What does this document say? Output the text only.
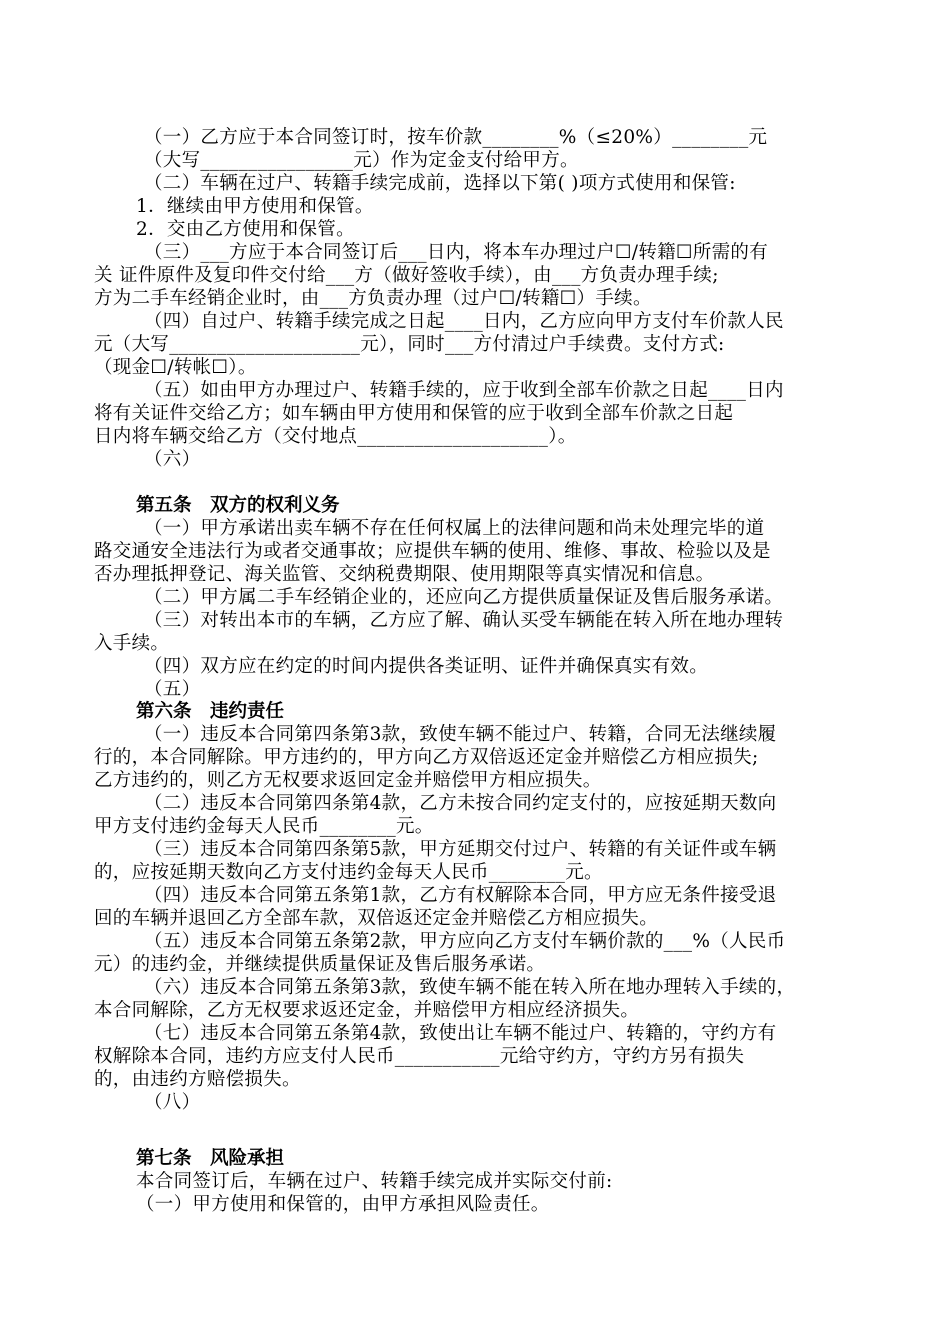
（一）乙方应于本合同签订时，按车价款________%（≤20%）________元
（大写________________元）作为定金支付给甲方。
（二）车辆在过户、转籍手续完成前，选择以下第( )项方式使用和保管:
1．继续由甲方使用和保管。
2．交由乙方使用和保管。
（三）___方应于本合同签订后___日内，将本车办理过户☐/转籍☐所需的有
关 证件原件及复印件交付给___方（做好签收手续），由___方负责办理手续;
方为二手车经销企业时，由___方负责办理（过户☐/转籍☐）手续。
（四）自过户、转籍手续完成之日起____日内，乙方应向甲方支付车价款人民
元（大写____________________元），同时___方付清过户手续费。支付方式:
（现金☐/转帐☐）。
（五）如由甲方办理过户、转籍手续的，应于收到全部车价款之日起____日内
将有关证件交给乙方；如车辆由甲方使用和保管的应于收到全部车价款之日起
日内将车辆交给乙方（交付地点____________________）。
（六）
第五条　双方的权利义务
（一）甲方承诺出卖车辆不存在任何权属上的法律问题和尚未处理完毕的道
路交通安全违法行为或者交通事故；应提供车辆的使用、维修、事故、检验以及是
否办理抵押登记、海关监管、交纳税费期限、使用期限等真实情况和信息。
（二）甲方属二手车经销企业的，还应向乙方提供质量保证及售后服务承诺。
（三）对转出本市的车辆，乙方应了解、确认买受车辆能在转入所在地办理转
入手续。
（四）双方应在约定的时间内提供各类证明、证件并确保真实有效。
（五）
第六条　违约责任
（一）违反本合同第四条第3款，致使车辆不能过户、转籍，合同无法继续履
行的，本合同解除。甲方违约的，甲方向乙方双倍返还定金并赔偿乙方相应损失;
乙方违约的，则乙方无权要求返回定金并赔偿甲方相应损失。
（二）违反本合同第四条第4款，乙方未按合同约定支付的，应按延期天数向
甲方支付违约金每天人民币________元。
（三）违反本合同第四条第5款，甲方延期交付过户、转籍的有关证件或车辆
的，应按延期天数向乙方支付违约金每天人民币________元。
（四）违反本合同第五条第1款，乙方有权解除本合同，甲方应无条件接受退
回的车辆并退回乙方全部车款，双倍返还定金并赔偿乙方相应损失。
（五）违反本合同第五条第2款，甲方应向乙方支付车辆价款的___%（人民币
元）的违约金，并继续提供质量保证及售后服务承诺。
（六）违反本合同第五条第3款，致使车辆不能在转入所在地办理转入手续的，
本合同解除，乙方无权要求返还定金，并赔偿甲方相应经济损失。
（七）违反本合同第五条第4款，致使出让车辆不能过户、转籍的，守约方有
权解除本合同，违约方应支付人民币___________元给守约方，守约方另有损失
的，由违约方赔偿损失。
（八）
第七条　风险承担
本合同签订后，车辆在过户、转籍手续完成并实际交付前:
（一）甲方使用和保管的，由甲方承担风险责任。
